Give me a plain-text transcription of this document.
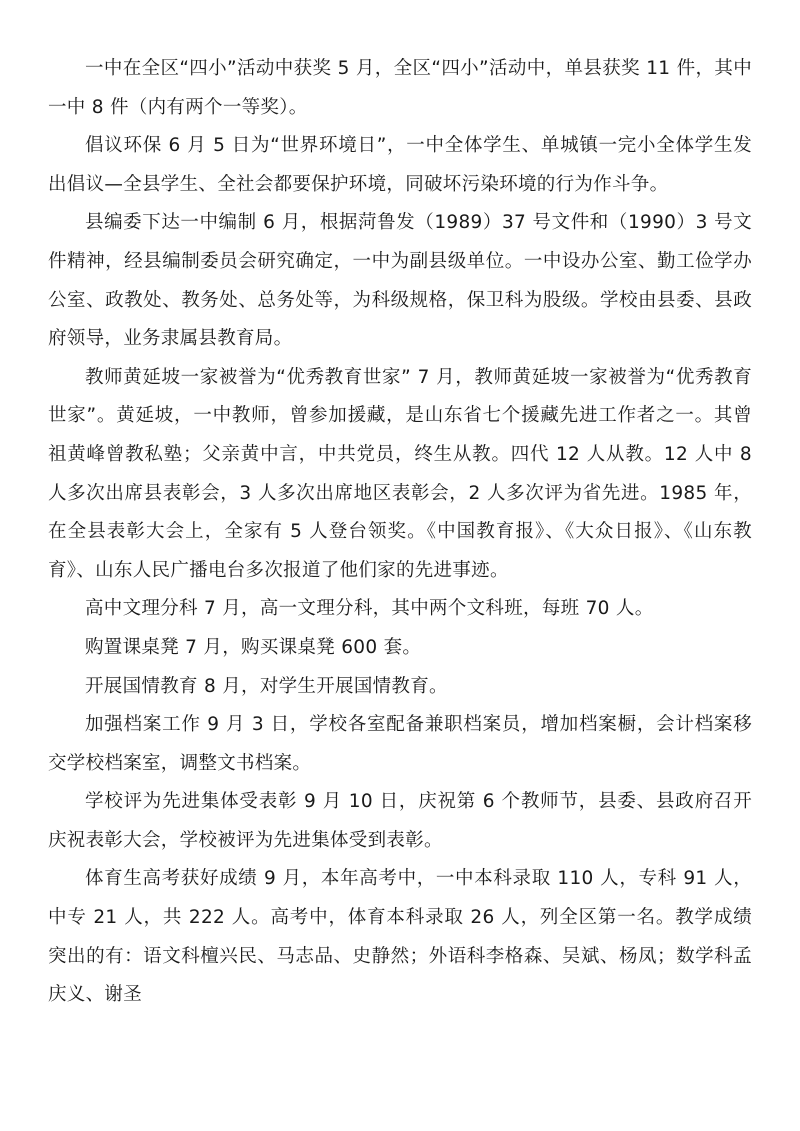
一中在全区“四小”活动中获奖 5 月，全区“四小”活动中，单县获奖 11 件，其中一中 8 件（内有两个一等奖）。

倡议环保 6 月 5 日为“世界环境日”，一中全体学生、单城镇一完小全体学生发出倡议—全县学生、全社会都要保护环境，同破坏污染环境的行为作斗争。

县编委下达一中编制 6 月，根据菏鲁发（1989）37 号文件和（1990）3 号文件精神，经县编制委员会研究确定，一中为副县级单位。一中设办公室、勤工俭学办公室、政教处、教务处、总务处等，为科级规格，保卫科为股级。学校由县委、县政府领导，业务隶属县教育局。

教师黄延坡一家被誉为“优秀教育世家” 7 月，教师黄延坡一家被誉为“优秀教育世家”。黄延坡，一中教师，曾参加援藏，是山东省七个援藏先进工作者之一。其曾祖黄峰曾教私塾；父亲黄中言，中共党员，终生从教。四代 12 人从教。12 人中 8 人多次出席县表彰会，3 人多次出席地区表彰会，2 人多次评为省先进。1985 年，在全县表彰大会上，全家有 5 人登台领奖。《中国教育报》、《大众日报》、《山东教育》、山东人民广播电台多次报道了他们家的先进事迹。

高中文理分科 7 月，高一文理分科，其中两个文科班，每班 70 人。

购置课桌凳 7 月，购买课桌凳 600 套。

开展国情教育 8 月，对学生开展国情教育。

加强档案工作 9 月 3 日，学校各室配备兼职档案员，增加档案橱，会计档案移交学校档案室，调整文书档案。

学校评为先进集体受表彰 9 月 10 日，庆祝第 6 个教师节，县委、县政府召开庆祝表彰大会，学校被评为先进集体受到表彰。

体育生高考获好成绩 9 月，本年高考中，一中本科录取 110 人，专科 91 人，中专 21 人，共 222 人。高考中，体育本科录取 26 人，列全区第一名。教学成绩突出的有：语文科檀兴民、马志品、史静然；外语科李格森、吴斌、杨凤；数学科孟庆义、谢圣
